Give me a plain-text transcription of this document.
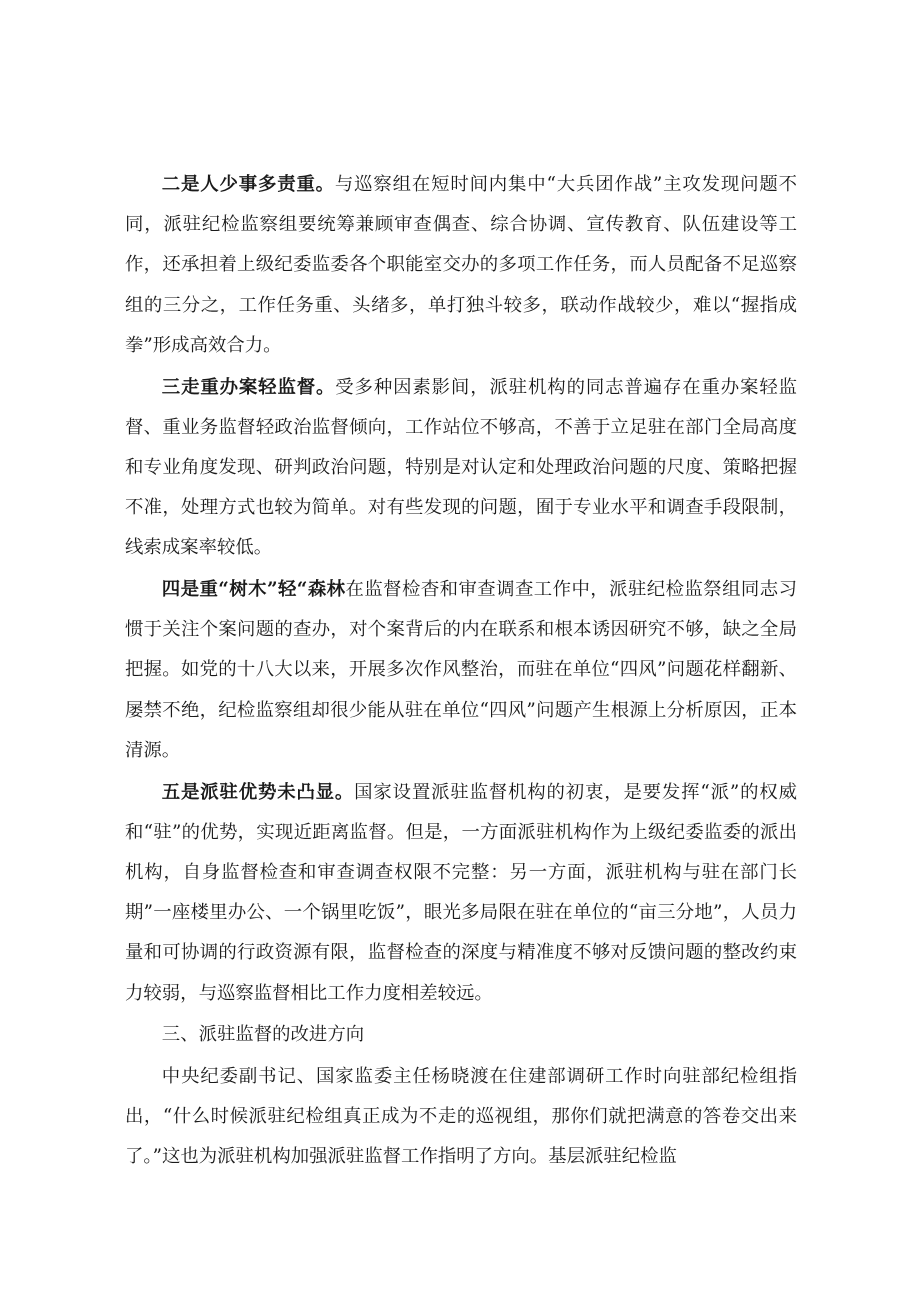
二是人少事多责重。与巡察组在短时间内集中“大兵团作战”主攻发现问题不同，派驻纪检监察组要统筹兼顾审查偶查、综合协调、宣传教育、队伍建设等工作，还承担着上级纪委监委各个职能室交办的多项工作任务，而人员配备不足巡察组的三分之，工作任务重、头绪多，单打独斗较多，联动作战较少，难以“握指成拳”形成高效合力。

三走重办案轻监督。受多种因素影间，派驻机构的同志普遍存在重办案轻监督、重业务监督轻政治监督倾向，工作站位不够高，不善于立足驻在部门全局高度和专业角度发现、研判政治问题，特别是对认定和处理政治问题的尺度、策略把握不准，处理方式也较为简单。对有些发现的问题，囿于专业水平和调查手段限制，线索成案率较低。

四是重“树木”轻“森林在监督检杳和审查调查工作中，派驻纪检监祭组同志习惯于关注个案问题的查办，对个案背后的内在联系和根本诱因研究不够，缺之全局把握。如党的十八大以来，开展多次作风整治，而驻在单位“四风”问题花样翻新、屡禁不绝，纪检监察组却很少能从驻在单位“四风”问题产生根源上分析原因，正本清源。

五是派驻优势未凸显。国家设置派驻监督机构的初衷，是要发挥“派”的权威和“驻”的优势，实现近距离监督。但是，一方面派驻机构作为上级纪委监委的派出机构，自身监督检查和审查调查权限不完整：另一方面，派驻机构与驻在部门长期”一座楼里办公、一个锅里吃饭”，眼光多局限在驻在单位的“亩三分地”，人员力量和可协调的行政资源有限，监督检查的深度与精准度不够对反馈问题的整改约束力较弱，与巡察监督相比工作力度相差较远。

三、派驻监督的改进方向

中央纪委副书记、国家监委主任杨晓渡在住建部调研工作时向驻部纪检组指出，“什么时候派驻纪检组真正成为不走的巡视组，那你们就把满意的答卷交出来了。”这也为派驻机构加强派驻监督工作指明了方向。基层派驻纪检监
